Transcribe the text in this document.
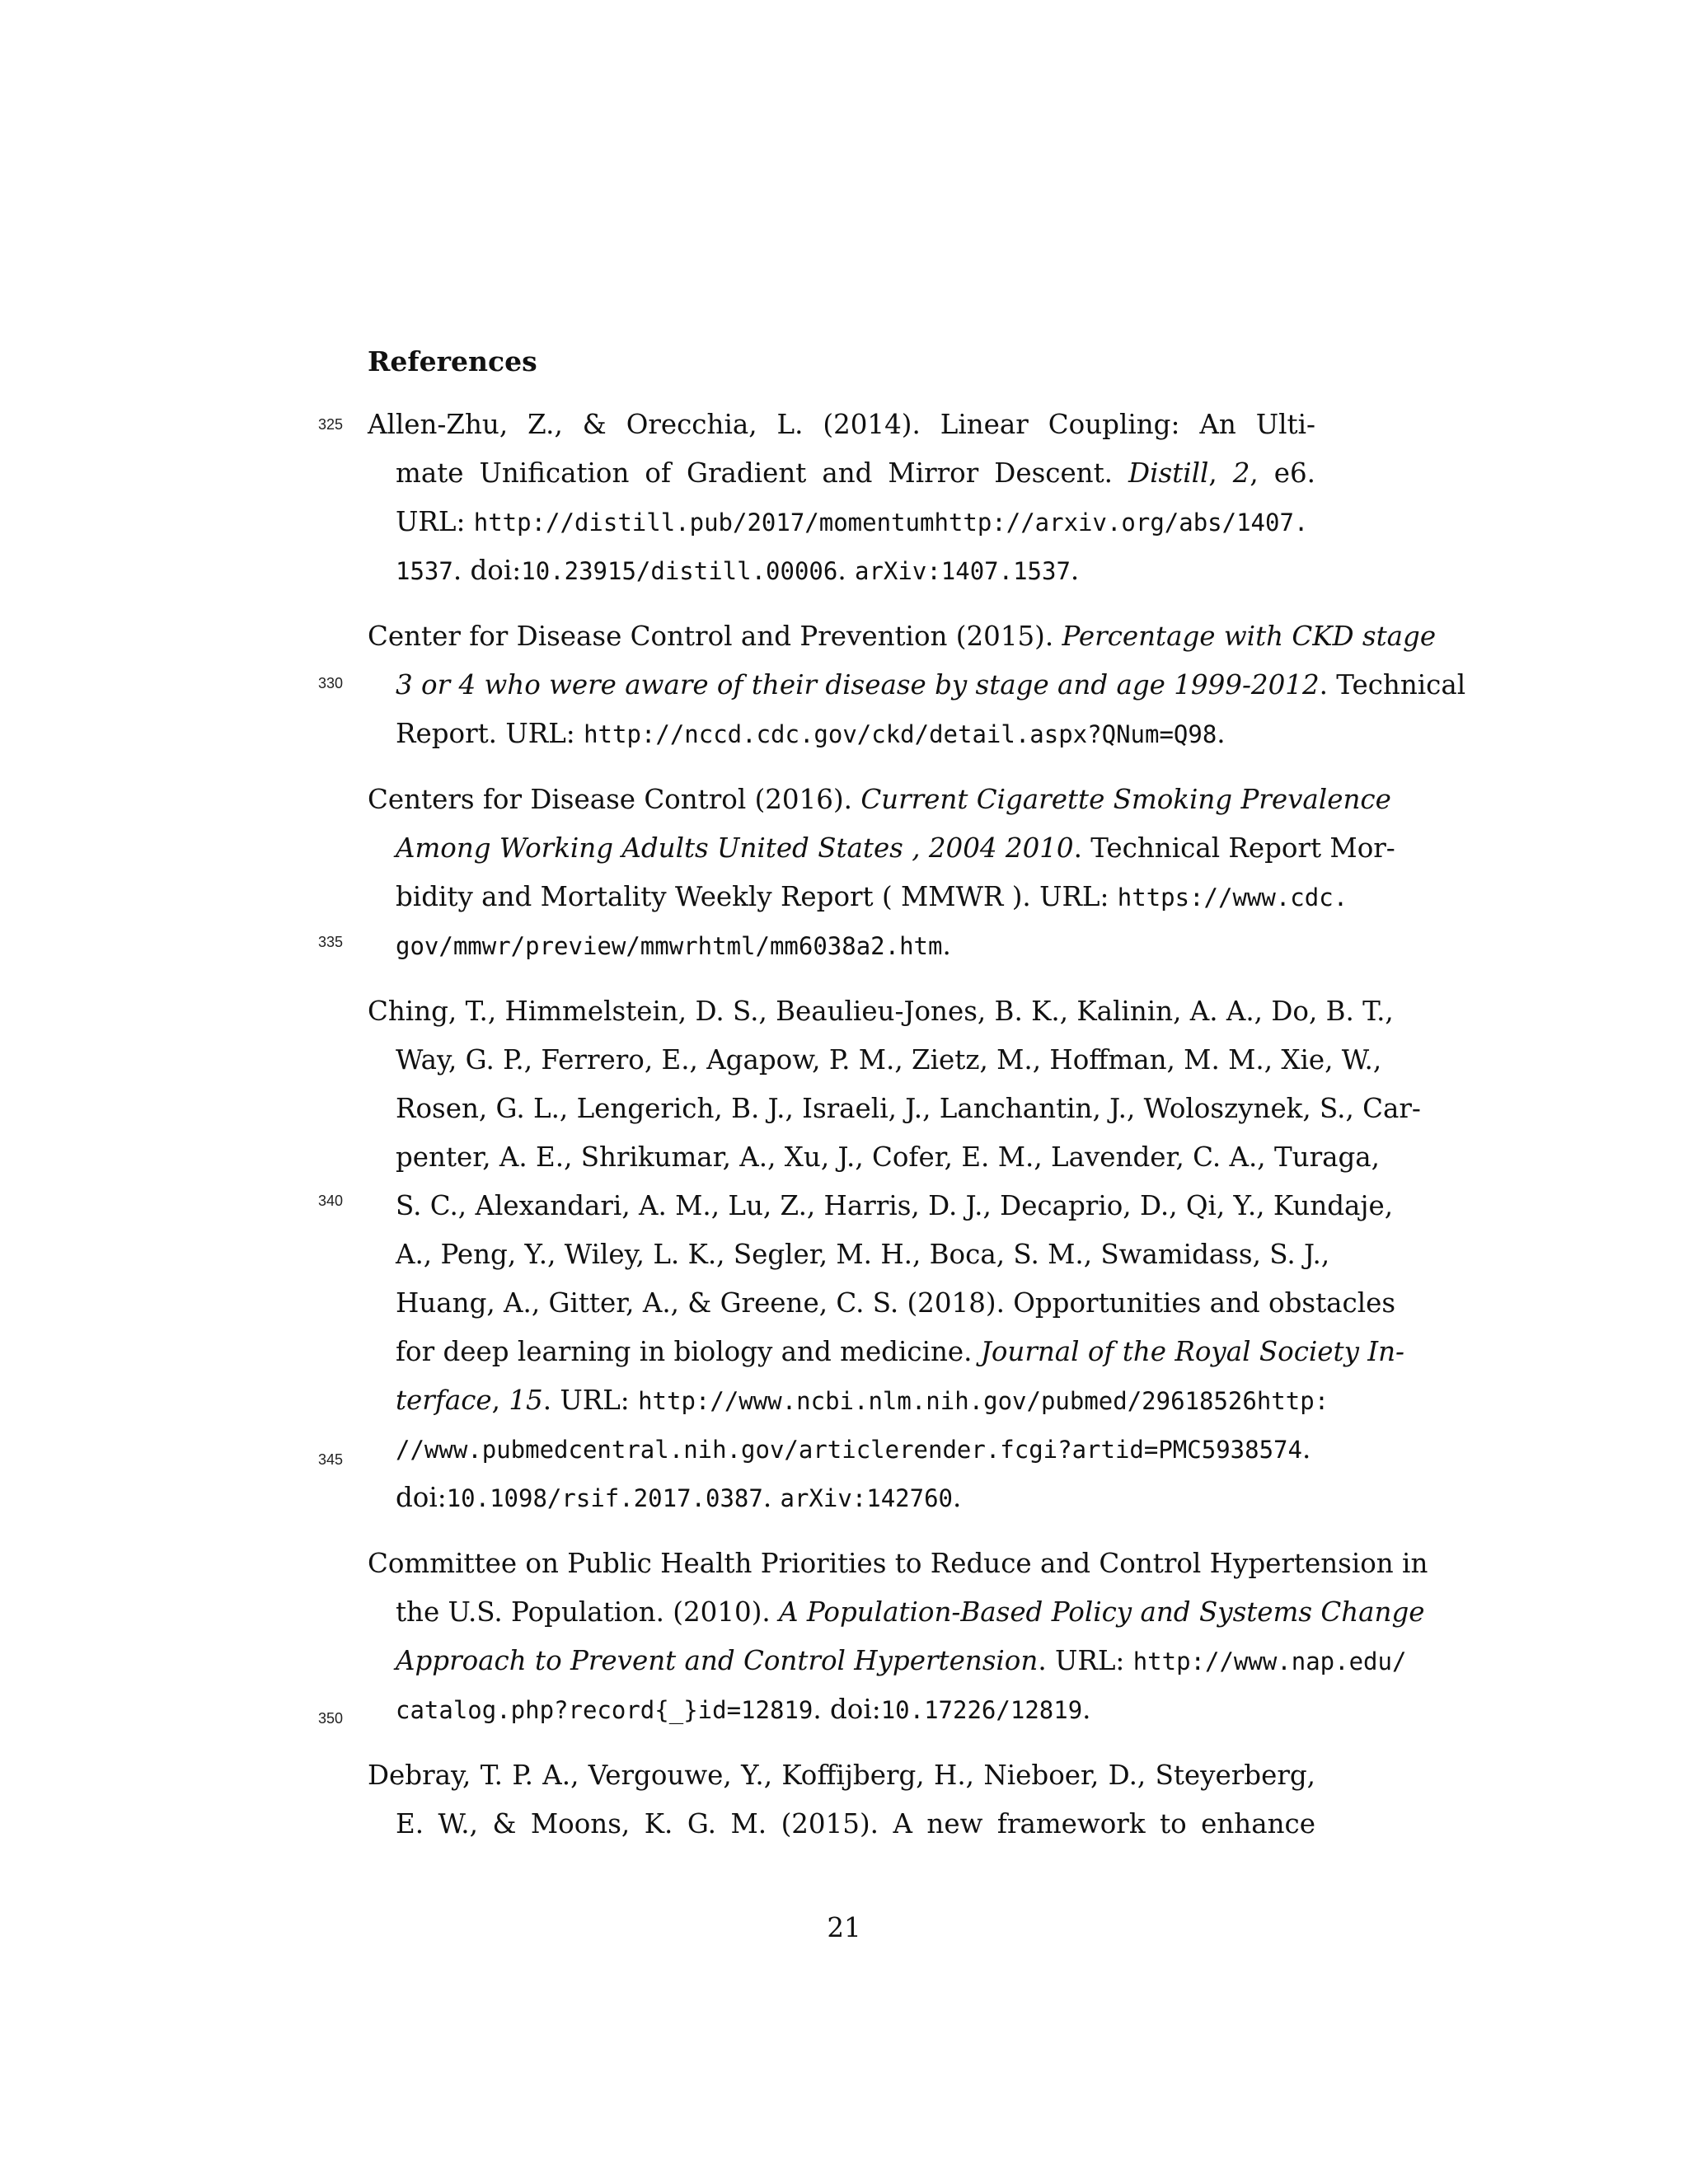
References
Allen-Zhu, Z., & Orecchia, L. (2014). Linear Coupling: An Ulti-
mate Unification of Gradient and Mirror Descent. Distill, 2, e6.
URL: http://distill.pub/2017/momentumhttp://arxiv.org/abs/1407.
1537. doi:10.23915/distill.00006. arXiv:1407.1537.
Center for Disease Control and Prevention (2015). Percentage with CKD stage
3 or 4 who were aware of their disease by stage and age 1999-2012. Technical
Report. URL: http://nccd.cdc.gov/ckd/detail.aspx?QNum=Q98.
Centers for Disease Control (2016). Current Cigarette Smoking Prevalence
Among Working Adults United States , 2004 2010. Technical Report Mor-
bidity and Mortality Weekly Report ( MMWR ). URL: https://www.cdc.
gov/mmwr/preview/mmwrhtml/mm6038a2.htm.
Ching, T., Himmelstein, D. S., Beaulieu-Jones, B. K., Kalinin, A. A., Do, B. T.,
Way, G. P., Ferrero, E., Agapow, P. M., Zietz, M., Hoffman, M. M., Xie, W.,
Rosen, G. L., Lengerich, B. J., Israeli, J., Lanchantin, J., Woloszynek, S., Car-
penter, A. E., Shrikumar, A., Xu, J., Cofer, E. M., Lavender, C. A., Turaga,
S. C., Alexandari, A. M., Lu, Z., Harris, D. J., Decaprio, D., Qi, Y., Kundaje,
A., Peng, Y., Wiley, L. K., Segler, M. H., Boca, S. M., Swamidass, S. J.,
Huang, A., Gitter, A., & Greene, C. S. (2018). Opportunities and obstacles
for deep learning in biology and medicine. Journal of the Royal Society In-
terface, 15. URL: http://www.ncbi.nlm.nih.gov/pubmed/29618526http:
//www.pubmedcentral.nih.gov/articlerender.fcgi?artid=PMC5938574.
doi:10.1098/rsif.2017.0387. arXiv:142760.
Committee on Public Health Priorities to Reduce and Control Hypertension in
the U.S. Population. (2010). A Population-Based Policy and Systems Change
Approach to Prevent and Control Hypertension. URL: http://www.nap.edu/
catalog.php?record{_}id=12819. doi:10.17226/12819.
Debray, T. P. A., Vergouwe, Y., Koffijberg, H., Nieboer, D., Steyerberg,
E. W., & Moons, K. G. M. (2015). A new framework to enhance
325
330
335
340
345
350
21
